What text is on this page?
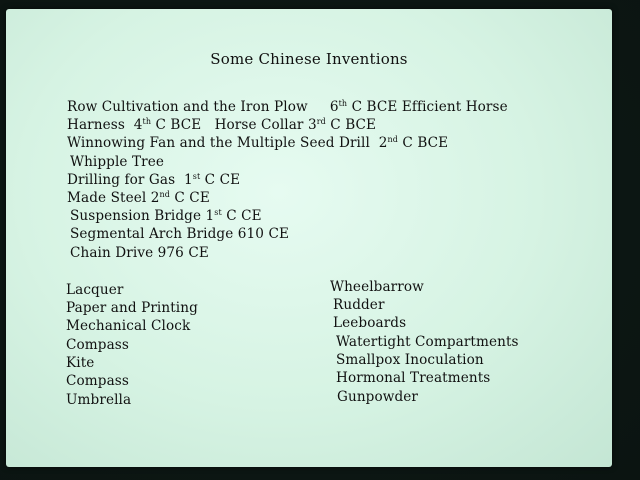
Some Chinese Inventions
Row Cultivation and the Iron Plow     6th C BCE Efficient Horse
Harness  4th C BCE   Horse Collar 3rd C BCE
Winnowing Fan and the Multiple Seed Drill  2nd C BCE
Whipple Tree
Drilling for Gas  1st C CE
Made Steel 2nd C CE
Suspension Bridge 1st C CE
Segmental Arch Bridge 610 CE
Chain Drive 976 CE
Lacquer
Paper and Printing
Mechanical Clock
Compass
Kite
Compass
Umbrella
Wheelbarrow
Rudder
Leeboards
Watertight Compartments
Smallpox Inoculation
Hormonal Treatments
Gunpowder
